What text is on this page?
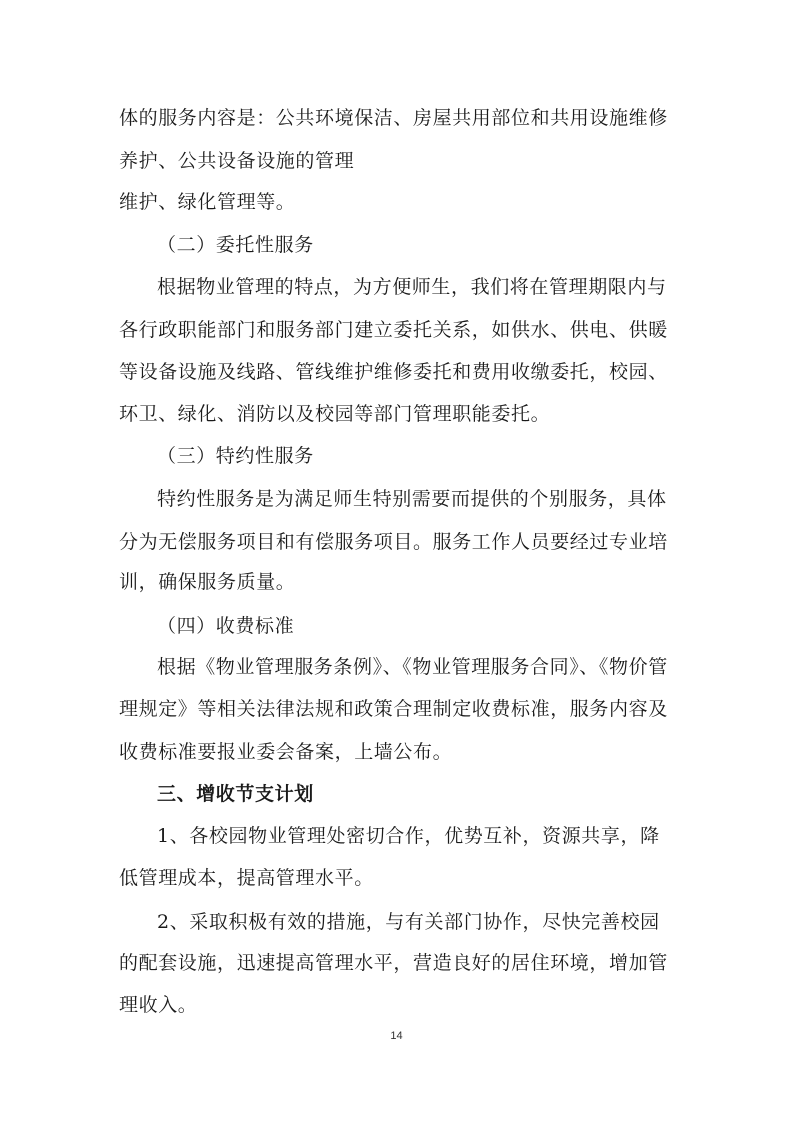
体的服务内容是：公共环境保洁、房屋共用部位和共用设施维修
养护、公共设备设施的管理
维护、绿化管理等。
（二）委托性服务
根据物业管理的特点，为方便师生，我们将在管理期限内与
各行政职能部门和服务部门建立委托关系，如供水、供电、供暖
等设备设施及线路、管线维护维修委托和费用收缴委托，校园、
环卫、绿化、消防以及校园等部门管理职能委托。
（三）特约性服务
特约性服务是为满足师生特别需要而提供的个别服务，具体
分为无偿服务项目和有偿服务项目。服务工作人员要经过专业培
训，确保服务质量。
（四）收费标准
根据《物业管理服务条例》、《物业管理服务合同》、《物价管
理规定》等相关法律法规和政策合理制定收费标准，服务内容及
收费标准要报业委会备案，上墙公布。
三、增收节支计划
1、各校园物业管理处密切合作，优势互补，资源共享，降
低管理成本，提高管理水平。
2、采取积极有效的措施，与有关部门协作，尽快完善校园
的配套设施，迅速提高管理水平，营造良好的居住环境，增加管
理收入。
14
